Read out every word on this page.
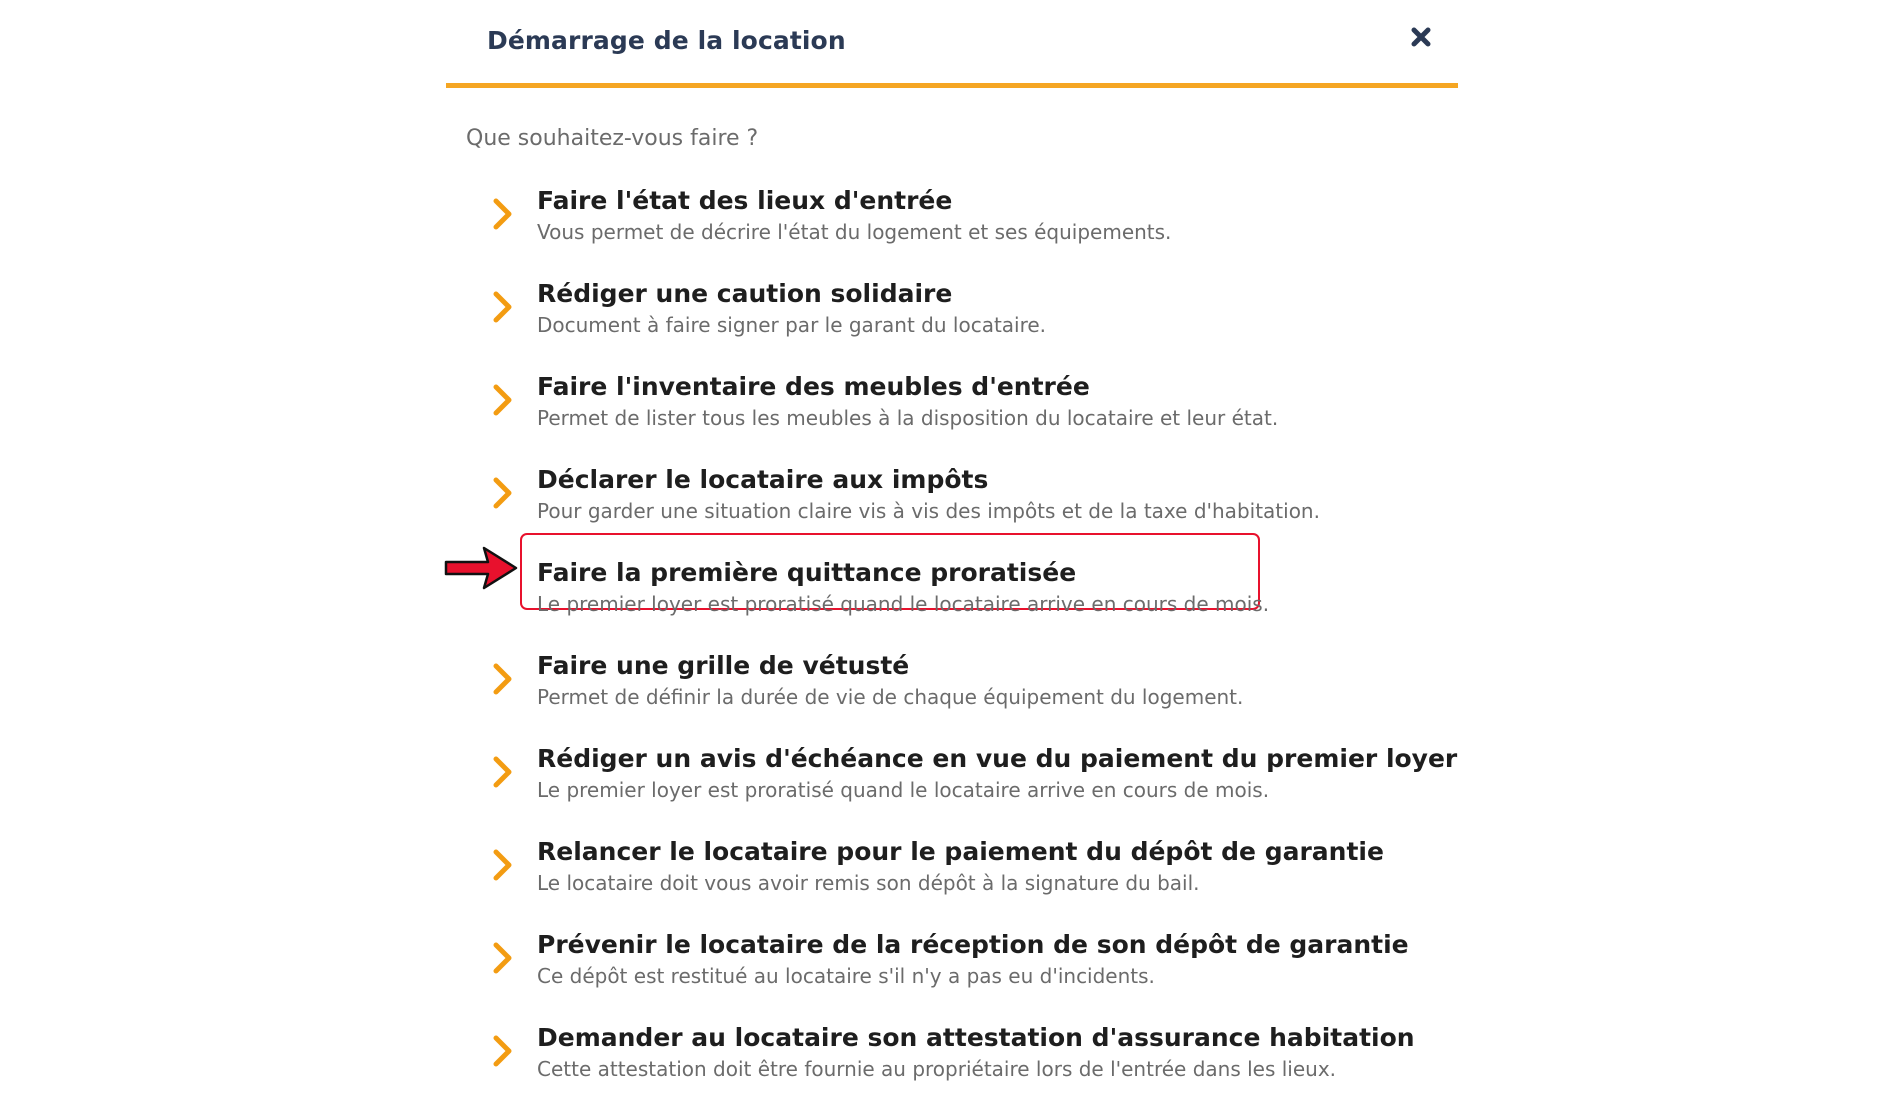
Démarrage de la location
Que souhaitez-vous faire ?
Faire l'état des lieux d'entrée
Vous permet de décrire l'état du logement et ses équipements.
Rédiger une caution solidaire
Document à faire signer par le garant du locataire.
Faire l'inventaire des meubles d'entrée
Permet de lister tous les meubles à la disposition du locataire et leur état.
Déclarer le locataire aux impôts
Pour garder une situation claire vis à vis des impôts et de la taxe d'habitation.
Faire la première quittance proratisée
Le premier loyer est proratisé quand le locataire arrive en cours de mois.
Faire une grille de vétusté
Permet de définir la durée de vie de chaque équipement du logement.
Rédiger un avis d'échéance en vue du paiement du premier loyer
Le premier loyer est proratisé quand le locataire arrive en cours de mois.
Relancer le locataire pour le paiement du dépôt de garantie
Le locataire doit vous avoir remis son dépôt à la signature du bail.
Prévenir le locataire de la réception de son dépôt de garantie
Ce dépôt est restitué au locataire s'il n'y a pas eu d'incidents.
Demander au locataire son attestation d'assurance habitation
Cette attestation doit être fournie au propriétaire lors de l'entrée dans les lieux.
